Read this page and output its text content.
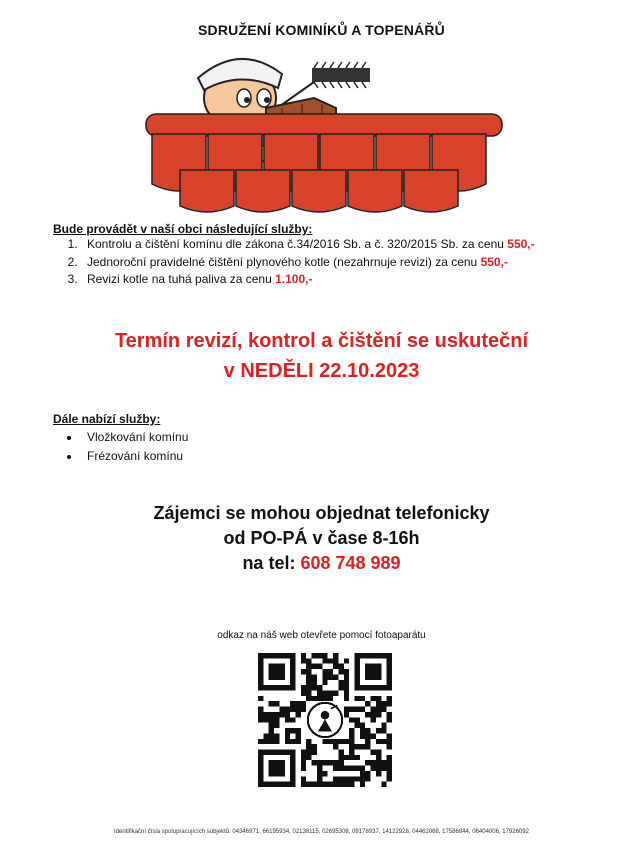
SDRUŽENÍ KOMINÍKŮ A TOPENÁŘŮ
Bude provádět v naší obci následující služby:
1. Kontrolu a čištění komínu dle zákona č.34/2016 Sb. a č. 320/2015 Sb. za cenu 550,-
2. Jednoroční pravidelné čištění plynového kotle (nezahrnuje revizi) za cenu 550,-
3. Revizi kotle na tuhá paliva za cenu 1.100,-
Termín revizí, kontrol a čištění se uskuteční
v NEDĚLI 22.10.2023
Dále nabízí služby:
• Vložkování komínu
• Frézování komínu
Zájemci se mohou objednat telefonicky
od PO-PÁ v čase 8-16h
na tel: 608 748 989
odkaz na náš web otevřete pomocí fotoaparátu
Identifikační čísla spolupracujících subjektů: 04346971, 66195934, 02138115, 02695308, 09178937, 14122928, 04462068, 17586844, 06404006, 17926092
